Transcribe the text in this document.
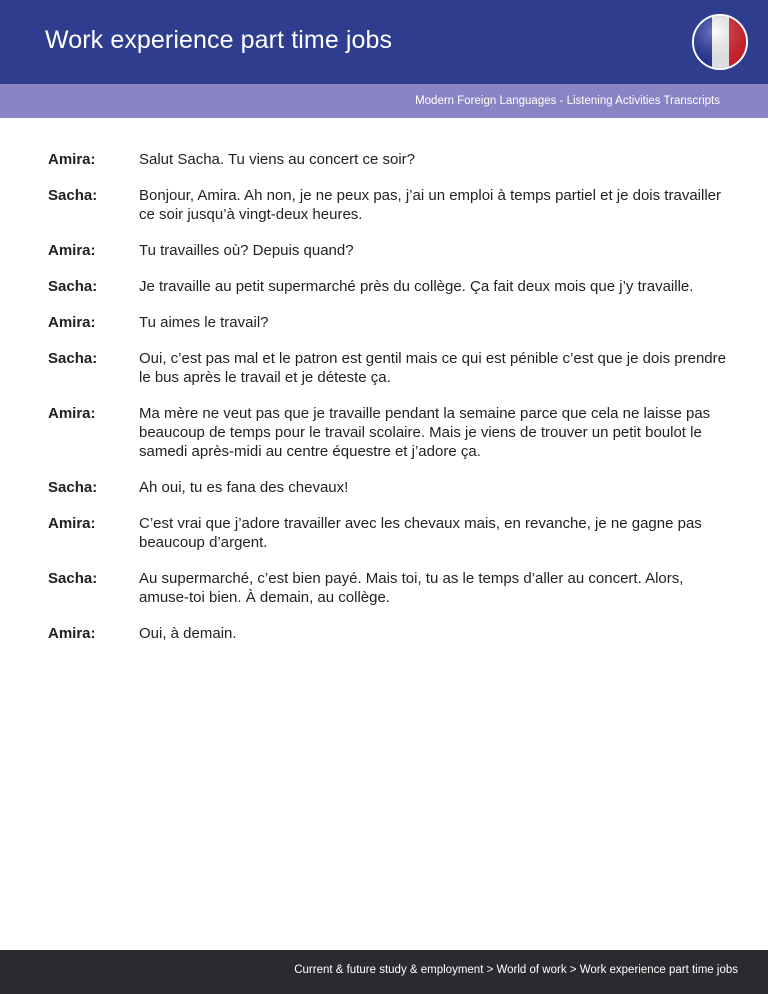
Work experience part time jobs
Modern Foreign Languages - Listening Activities Transcripts
Amira:	Salut Sacha. Tu viens au concert ce soir?
Sacha:	Bonjour, Amira. Ah non, je ne peux pas, j’ai un emploi à temps partiel et je dois travailler ce soir jusqu’à vingt-deux heures.
Amira:	Tu travailles où? Depuis quand?
Sacha:	Je travaille au petit supermarché près du collège. Ça fait deux mois que j’y travaille.
Amira:	Tu aimes le travail?
Sacha:	Oui, c’est pas mal et le patron est gentil mais ce qui est pénible c’est que je dois prendre le bus après le travail et je déteste ça.
Amira:	Ma mère ne veut pas que je travaille pendant la semaine parce que cela ne laisse pas beaucoup de temps pour le travail scolaire. Mais je viens de trouver un petit boulot le samedi après-midi au centre équestre et j’adore ça.
Sacha:	Ah oui, tu es fana des chevaux!
Amira:	C’est vrai que j’adore travailler avec les chevaux mais, en revanche, je ne gagne pas beaucoup d’argent.
Sacha:	Au supermarché, c’est bien payé. Mais toi, tu as le temps d’aller au concert. Alors, amuse-toi bien. À demain, au collège.
Amira:	Oui, à demain.
Current & future study & employment > World of work > Work experience part time jobs
